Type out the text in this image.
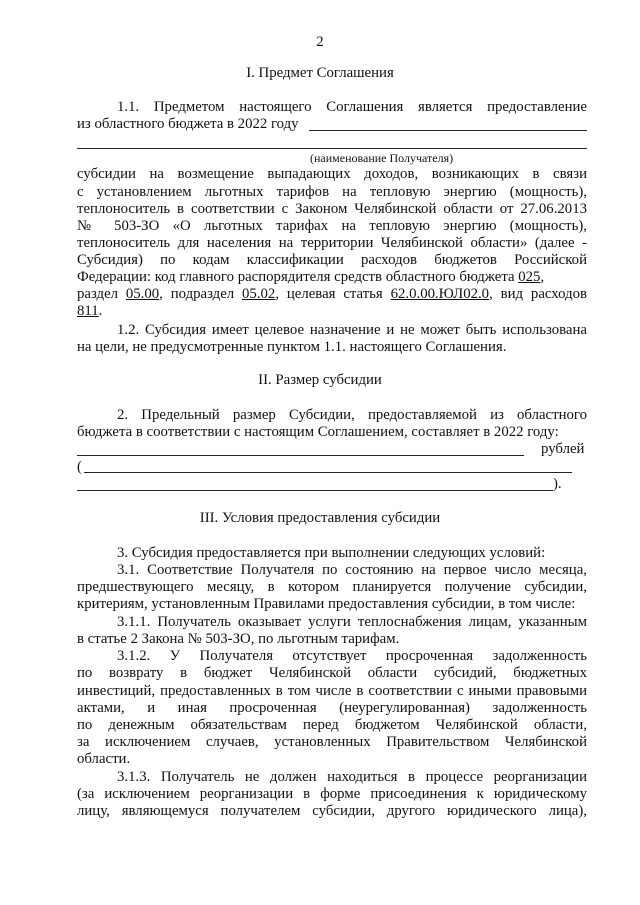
2
I. Предмет Соглашения
1.1. Предметом настоящего Соглашения является предоставление
из областного бюджета в 2022 году
(наименование Получателя)
субсидии на возмещение выпадающих доходов, возникающих в связи
с установлением льготных тарифов на тепловую энергию (мощность),
теплоноситель в соответствии с Законом Челябинской области от 27.06.2013
№ 503-ЗО «О льготных тарифах на тепловую энергию (мощность),
теплоноситель для населения на территории Челябинской области» (далее -
Субсидия) по кодам классификации расходов бюджетов Российской
Федерации: код главного распорядителя средств областного бюджета 025,
раздел 05.00, подраздел 05.02, целевая статья 62.0.00.ЮЛ02.0, вид расходов
811.
1.2. Субсидия имеет целевое назначение и не может быть использована
на цели, не предусмотренные пунктом 1.1. настоящего Соглашения.
II. Размер субсидии
2. Предельный размер Субсидии, предоставляемой из областного
бюджета в соответствии с настоящим Соглашением, составляет в 2022 году:
рублей
(
).
III. Условия предоставления субсидии
3. Субсидия предоставляется при выполнении следующих условий:
3.1. Соответствие Получателя по состоянию на первое число месяца,
предшествующего месяцу, в котором планируется получение субсидии,
критериям, установленным Правилами предоставления субсидии, в том числе:
3.1.1. Получатель оказывает услуги теплоснабжения лицам, указанным
в статье 2 Закона № 503-ЗО, по льготным тарифам.
3.1.2. У Получателя отсутствует просроченная задолженность
по возврату в бюджет Челябинской области субсидий, бюджетных
инвестиций, предоставленных в том числе в соответствии с иными правовыми
актами, и иная просроченная (неурегулированная) задолженность
по денежным обязательствам перед бюджетом Челябинской области,
за исключением случаев, установленных Правительством Челябинской
области.
3.1.3. Получатель не должен находиться в процессе реорганизации
(за исключением реорганизации в форме присоединения к юридическому
лицу, являющемуся получателем субсидии, другого юридического лица),
